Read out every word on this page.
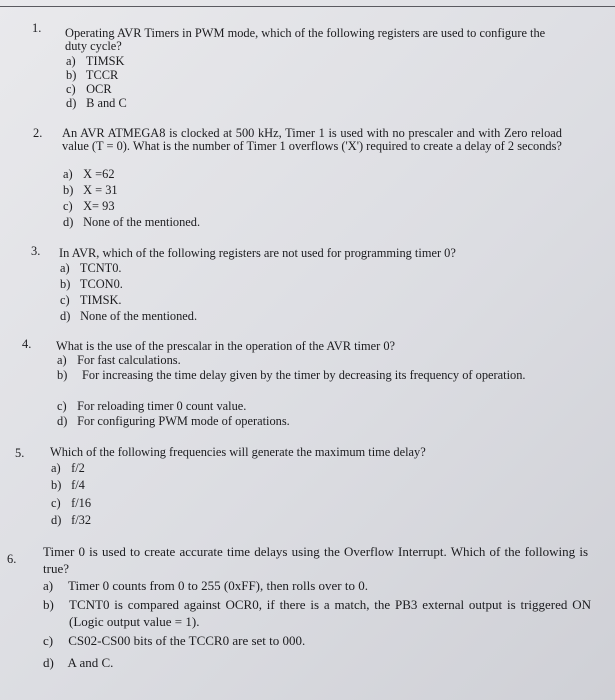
1. Operating AVR Timers in PWM mode, which of the following registers are used to configure the duty cycle?
a) TIMSK
b) TCCR
c) OCR
d) B and C
2. An AVR ATMEGA8 is clocked at 500 kHz, Timer 1 is used with no prescaler and with Zero reload value (T = 0). What is the number of Timer 1 overflows ('X') required to create a delay of 2 seconds?
a) X =62
b) X = 31
c) X= 93
d) None of the mentioned.
3. In AVR, which of the following registers are not used for programming timer 0?
a) TCNT0.
b) TCON0.
c) TIMSK.
d) None of the mentioned.
4. What is the use of the prescalar in the operation of the AVR timer 0?
a) For fast calculations.
b)	For increasing the time delay given by the timer by decreasing its frequency of operation.
c) For reloading timer 0 count value.
d) For configuring PWM mode of operations.
5. Which of the following frequencies will generate the maximum time delay?
a) f/2
b) f/4
c) f/16
d) f/32
6. Timer 0 is used to create accurate time delays using the Overflow Interrupt. Which of the following is true?
a) Timer 0 counts from 0 to 255 (0xFF), then rolls over to 0.
b)	TCNT0 is compared against OCR0, if there is a match, the PB3 external output is triggered ON (Logic output value = 1).
c) CS02-CS00 bits of the TCCR0 are set to 000.
d) A and C.
